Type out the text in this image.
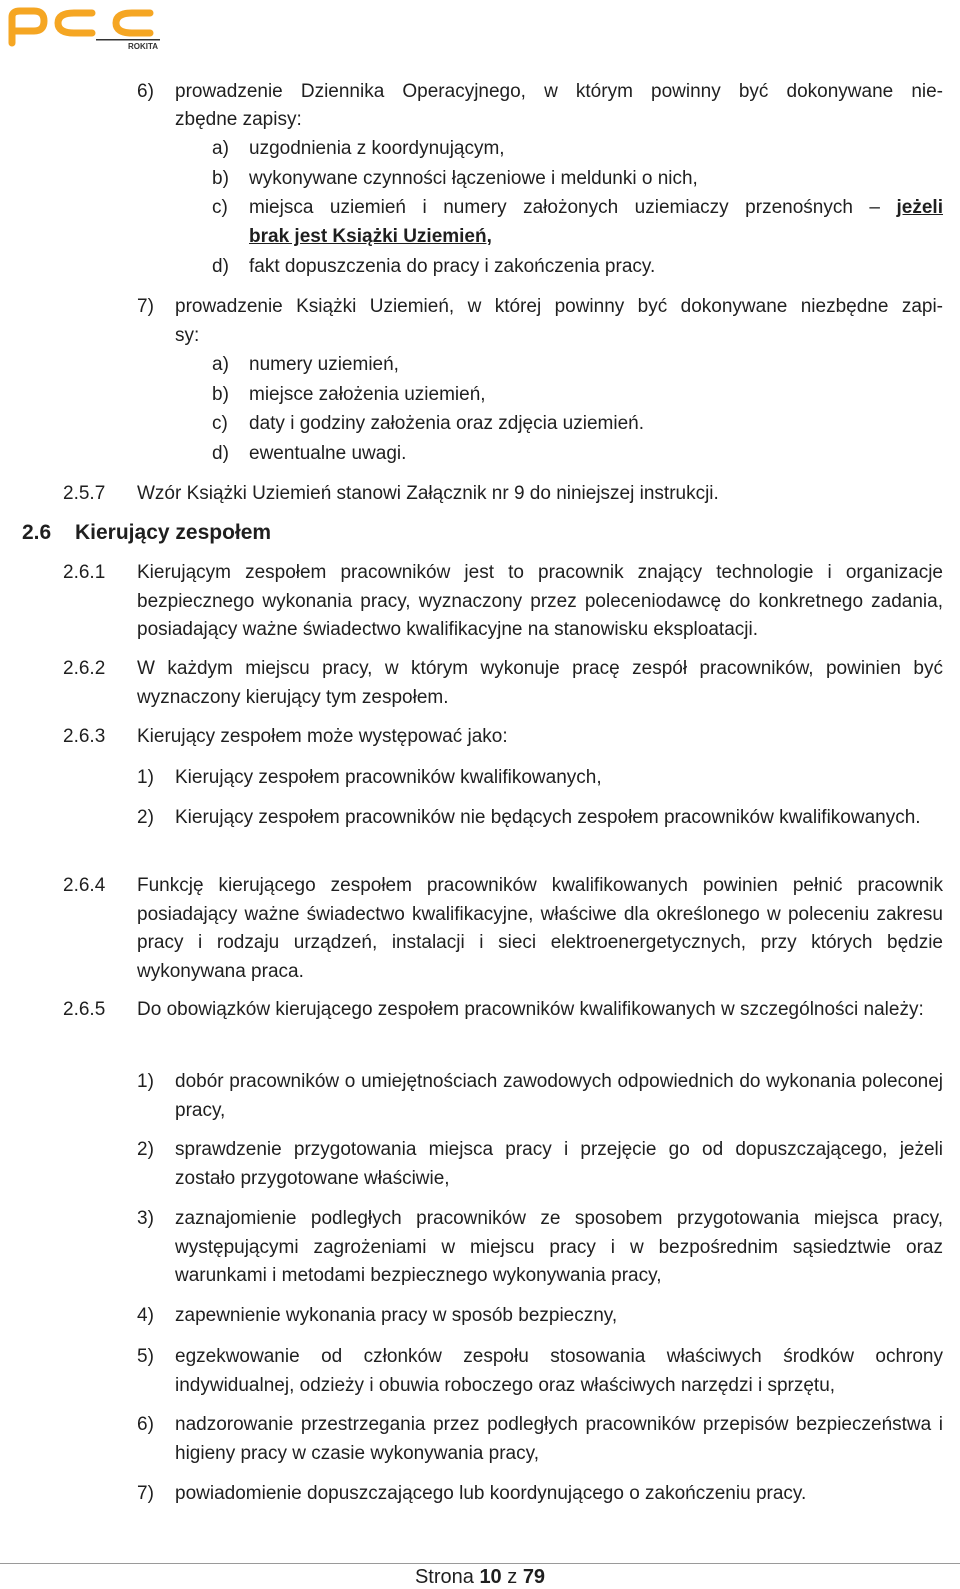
ROKITA
6) prowadzenie Dziennika Operacyjnego, w którym powinny być dokonywane nie-
zbędne zapisy:
a) uzgodnienia z koordynującym,
b) wykonywane czynności łączeniowe i meldunki o nich,
c) miejsca uziemień i numery założonych uziemiaczy przenośnych – jeżeli
brak jest Książki Uziemień,
d) fakt dopuszczenia do pracy i zakończenia pracy.
7) prowadzenie Książki Uziemień, w której powinny być dokonywane niezbędne zapi-
sy:
a) numery uziemień,
b) miejsce założenia uziemień,
c) daty i godziny założenia oraz zdjęcia uziemień.
d) ewentualne uwagi.
2.5.7 Wzór Książki Uziemień stanowi Załącznik nr 9 do niniejszej instrukcji.
2.6 Kierujący zespołem
2.6.1 Kierującym zespołem pracowników jest to pracownik znający technologie i organizacje bezpiecznego wykonania pracy, wyznaczony przez poleceniodawcę do konkretnego zadania, posiadający ważne świadectwo kwalifikacyjne na stanowisku eksploatacji.
2.6.2 W każdym miejscu pracy, w którym wykonuje pracę zespół pracowników, powinien być wyznaczony kierujący tym zespołem.
2.6.3 Kierujący zespołem może występować jako:
1) Kierujący zespołem pracowników kwalifikowanych,
2) Kierujący zespołem pracowników nie będących zespołem pracowników kwalifikowanych.
2.6.4 Funkcję kierującego zespołem pracowników kwalifikowanych powinien pełnić pracownik posiadający ważne świadectwo kwalifikacyjne, właściwe dla określonego w poleceniu zakresu pracy i rodzaju urządzeń, instalacji i sieci elektroenergetycznych, przy których będzie wykonywana praca.
2.6.5 Do obowiązków kierującego zespołem pracowników kwalifikowanych w szczególności należy:
1) dobór pracowników o umiejętnościach zawodowych odpowiednich do wykonania poleconej pracy,
2) sprawdzenie przygotowania miejsca pracy i przejęcie go od dopuszczającego, jeżeli zostało przygotowane właściwie,
3) zaznajomienie podległych pracowników ze sposobem przygotowania miejsca pracy, występującymi zagrożeniami w miejscu pracy i w bezpośrednim sąsiedztwie oraz warunkami i metodami bezpiecznego wykonywania pracy,
4) zapewnienie wykonania pracy w sposób bezpieczny,
5) egzekwowanie od członków zespołu stosowania właściwych środków ochrony indywidualnej, odzieży i obuwia roboczego oraz właściwych narzędzi i sprzętu,
6) nadzorowanie przestrzegania przez podległych pracowników przepisów bezpieczeństwa i higieny pracy w czasie wykonywania pracy,
7) powiadomienie dopuszczającego lub koordynującego o zakończeniu pracy.
Strona 10 z 79
